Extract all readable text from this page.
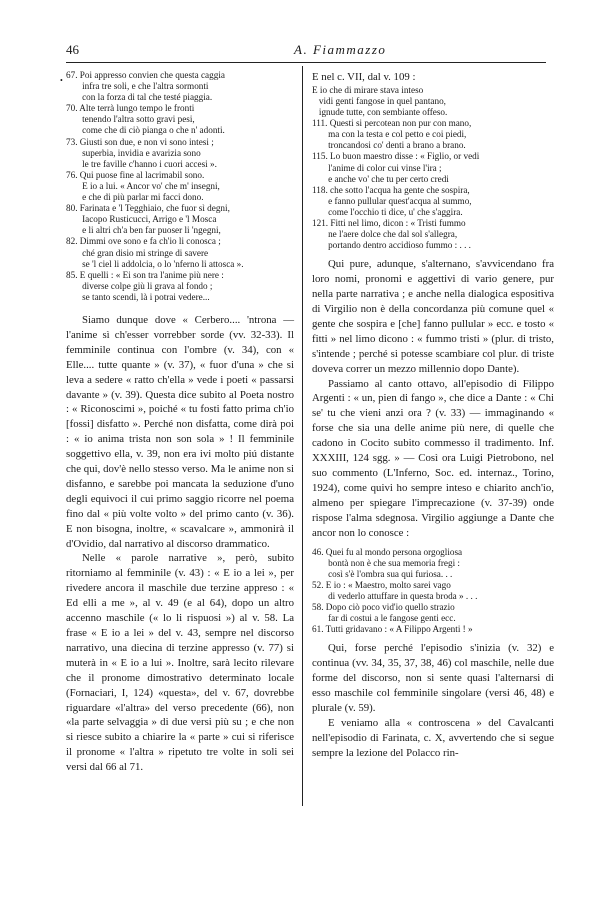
46	A. Fiammazzo
•
67. Poi appresso convien che questa caggia
infra tre soli, e che l'altra sormonti
con la forza di tal che testé piaggia.
70. Alte terrà lungo tempo le fronti
tenendo l'altra sotto gravi pesi,
come che di ciò pianga o che n' adonti.
73. Giusti son due, e non vi sono intesi ;
superbia, invidia e avarizia sono
le tre faville c'hanno i cuori accesi ».
76. Qui puose fine al lacrimabil sono.
E io a lui. « Ancor vo' che m' insegni,
e che di più parlar mi facci dono.
80. Farinata e 'l Tegghiaio, che fuor sì degni,
Iacopo Rusticucci, Arrigo e 'l Mosca
e li altri ch'a ben far puoser li 'ngegni,
82. Dimmi ove sono e fa ch'io li conosca ;
ché gran disio mi stringe di savere
se 'l ciel li addolcia, o lo 'nferno li attosca ».
85. E quelli : « Ei son tra l'anime più nere :
diverse colpe giù li grava al fondo ;
se tanto scendi, là i potrai vedere...

Siamo dunque dove « Cerbero.... 'ntrona — l'anime sì ch'esser vorrebber sorde (vv. 32-33). Il femminile continua con l'ombre (v. 34), con « Elle.... tutte quante » (v. 37), « fuor d'una » che si leva a sedere « ratto ch'ella » vede i poeti « passarsi davante » (v. 39). Questa dice subito al Poeta nostro : « Riconoscimi », poiché « tu fosti fatto prima ch'io [fossi] disfatto ». Perché non disfatta, come dirà poi : « io anima trista non son sola » ! Il femminile soggettivo ella, v. 39, non era ivi molto piú distante che qui, dov'è nello stesso verso. Ma le anime non si disfanno, e sarebbe poi mancata la seduzione d'uno degli equivoci il cui primo saggio ricorre nel poema fino dal « più volte volto » del primo canto (v. 36). E non bisogna, inoltre, « scavalcare », ammonirà il d'Ovidio, dal narrativo al discorso drammatico.

Nelle « parole narrative », però, subito ritorniamo al femminile (v. 43) : « E io a lei », per rivedere ancora il maschile due terzine appreso : « Ed elli a me », al v. 49 (e al 64), dopo un altro accenno maschile (« lo li rispuosi ») al v. 58. La frase « E io a lei » del v. 43, sempre nel discorso narrativo, una diecina di terzine appresso (v. 77) si muterà in « E io a lui ». Inoltre, sarà lecito rilevare che il pronome dimostrativo determinato locale (Fornaciari, I, 124) «questa», del v. 67, dovrebbe riguardare «l'altra» del verso precedente (66), non «la parte selvaggia » di due versi più su ; e che non si riesce subito a chiarire la « parte » cui si riferisce il pronome « l'altra » ripetuto tre volte in soli sei versi dal 66 al 71.

E nel c. VII, dal v. 109 :

E io che di mirare stava inteso
vidi genti fangose in quel pantano,
ignude tutte, con sembiante offeso.
111. Questi si percotean non pur con mano,
ma con la testa e col petto e coi piedi,
troncandosi co' denti a brano a brano.
115. Lo buon maestro disse : « Figlio, or vedi
l'anime di color cui vinse l'ira ;
e anche vo' che tu per certo credi
118. che sotto l'acqua ha gente che sospira,
e fanno pullular quest'acqua al summo,
come l'occhio ti dice, u' che s'aggira.
121. Fitti nel limo, dicon : « Tristi fummo
ne l'aere dolce che dal sol s'allegra,
portando dentro accidioso fummo : . . .

Qui pure, adunque, s'alternano, s'avvicendano fra loro nomi, pronomi e aggettivi di vario genere, pur nella parte narrativa ; e anche nella dialogica espositiva di Virgilio non è della concordanza più comune quel « gente che sospira e [che] fanno pullular » ecc. e tosto « fitti » nel limo dicono : « fummo tristi » (plur. di tristo, s'intende ; perché si potesse scambiare col plur. di triste doveva correr un mezzo millennio dopo Dante).

Passiamo al canto ottavo, all'episodio di Filippo Argenti : « un, pien di fango », che dice a Dante : « Chi se' tu che vieni anzi ora ? (v. 33) — immaginando « forse che sia una delle anime più nere, di quelle che cadono in Cocito subito commesso il tradimento. Inf. XXXIII, 124 sgg. » — Così ora Luigi Pietrobono, nel suo commento (L'Inferno, Soc. ed. internaz., Torino, 1924), come quivi ho sempre inteso e chiarito anch'io, almeno per spiegare l'imprecazione (v. 37-39) onde rispose l'alma sdegnosa. Virgilio aggiunge a Dante che ancor non lo conosce :

46. Quei fu al mondo persona orgogliosa
bontà non è che sua memoria fregi :
così s'è l'ombra sua qui furiosa. . .
52. E io : « Maestro, molto sarei vago
di vederlo attuffare in questa broda » . . .
58. Dopo ciò poco vid'io quello strazio
far di costui a le fangose genti ecc.
61. Tutti gridavano : « A Filippo Argenti ! »

Qui, forse perché l'episodio s'inizia (v. 32) e continua (vv. 34, 35, 37, 38, 46) col maschile, nelle due forme del discorso, non si sente quasi l'alternarsi di esso maschile col femminile singolare (versi 46, 48) e plurale (v. 59).

E veniamo alla « controscena » del Cavalcanti nell'episodio di Farinata, c. X, avvertendo che si segue sempre la lezione del Polacco rin-
